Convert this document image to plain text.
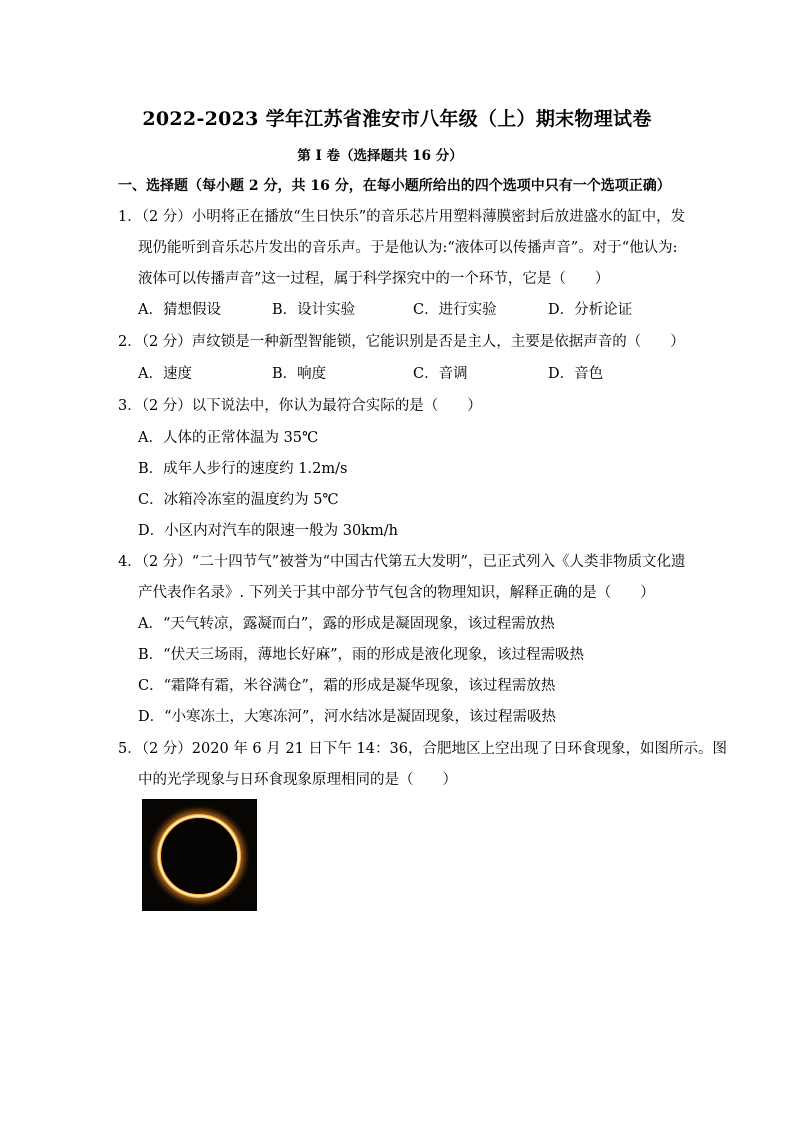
2022-2023 学年江苏省淮安市八年级（上）期末物理试卷
第 I 卷（选择题共 16 分）
一、选择题（每小题 2 分，共 16 分，在每小题所给出的四个选项中只有一个选项正确）
1．（2 分）小明将正在播放“生日快乐”的音乐芯片用塑料薄膜密封后放进盛水的缸中，发
现仍能听到音乐芯片发出的音乐声。于是他认为:“液体可以传播声音”。对于“他认为:
液体可以传播声音”这一过程，属于科学探究中的一个环节，它是（　　）
A．猜想假设	B．设计实验	C．进行实验	D．分析论证
2．（2 分）声纹锁是一种新型智能锁，它能识别是否是主人，主要是依据声音的（　　）
A．速度	B．响度	C．音调	D．音色
3．（2 分）以下说法中，你认为最符合实际的是（　　）
A．人体的正常体温为 35℃
B．成年人步行的速度约 1.2m/s
C．冰箱冷冻室的温度约为 5℃
D．小区内对汽车的限速一般为 30km/h
4．（2 分）“二十四节气”被誉为“中国古代第五大发明”，已正式列入《人类非物质文化遗
产代表作名录》. 下列关于其中部分节气包含的物理知识，解释正确的是（　　）
A．“天气转凉，露凝而白”，露的形成是凝固现象，该过程需放热
B．“伏天三场雨，薄地长好麻”，雨的形成是液化现象，该过程需吸热
C．“霜降有霜，米谷满仓”，霜的形成是凝华现象，该过程需放热
D．“小寒冻土，大寒冻河”，河水结冰是凝固现象，该过程需吸热
5．（2 分）2020 年 6 月 21 日下午 14：36，合肥地区上空出现了日环食现象，如图所示。图
中的光学现象与日环食现象原理相同的是（　　）
